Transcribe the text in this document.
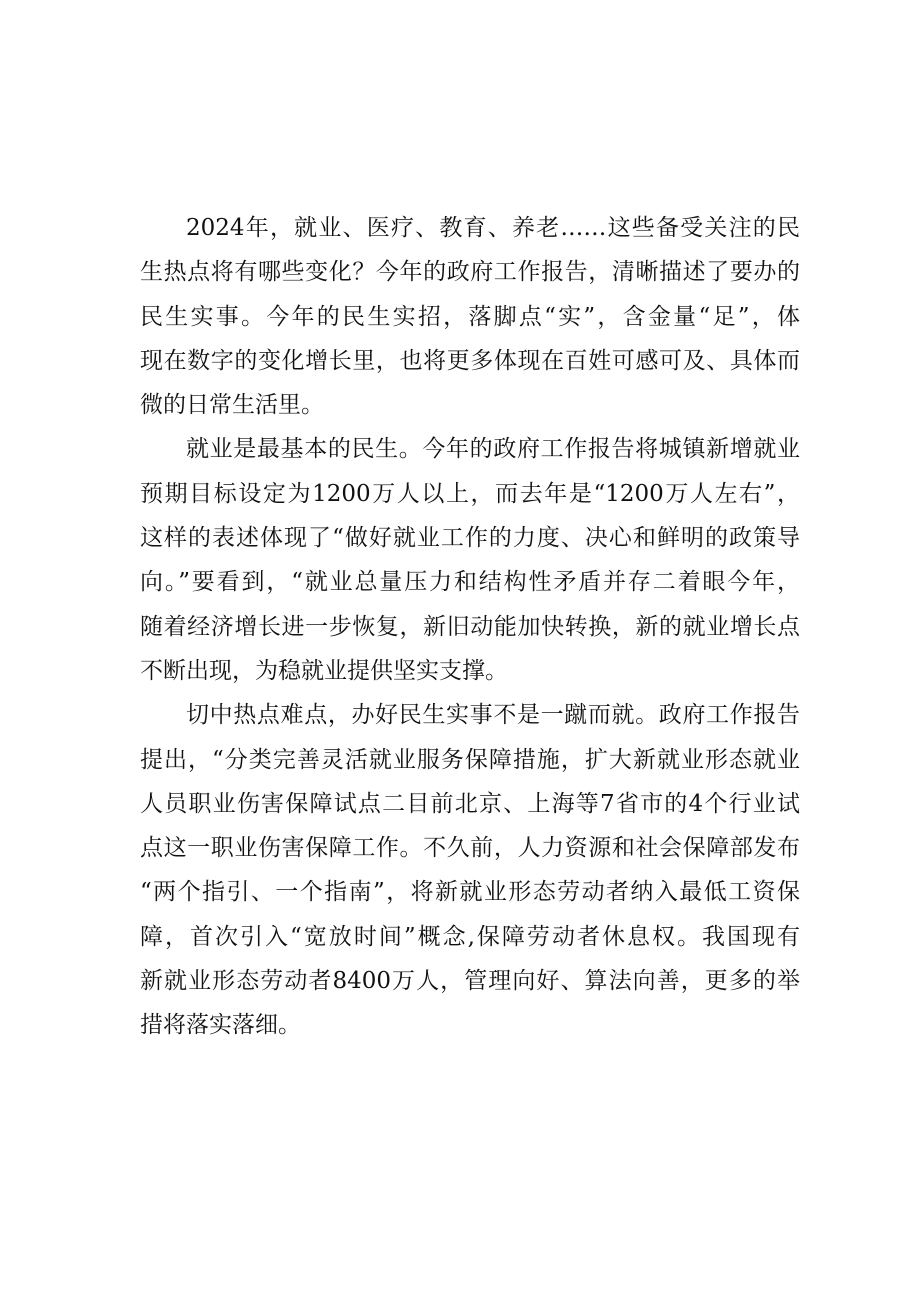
2024年，就业、医疗、教育、养老……这些备受关注的民
生热点将有哪些变化？今年的政府工作报告，清晰描述了要办的
民生实事。今年的民生实招，落脚点“实”，含金量“足”，体
现在数字的变化增长里，也将更多体现在百姓可感可及、具体而
微的日常生活里。
就业是最基本的民生。今年的政府工作报告将城镇新增就业
预期目标设定为1200万人以上，而去年是“1200万人左右”，
这样的表述体现了“做好就业工作的力度、决心和鲜明的政策导
向。”要看到，“就业总量压力和结构性矛盾并存二着眼今年，
随着经济增长进一步恢复，新旧动能加快转换，新的就业增长点
不断出现，为稳就业提供坚实支撑。
切中热点难点，办好民生实事不是一蹴而就。政府工作报告
提出，“分类完善灵活就业服务保障措施，扩大新就业形态就业
人员职业伤害保障试点二目前北京、上海等7省市的4个行业试
点这一职业伤害保障工作。不久前，人力资源和社会保障部发布
“两个指引、一个指南”，将新就业形态劳动者纳入最低工资保
障，首次引入“宽放时间”概念,保障劳动者休息权。我国现有
新就业形态劳动者8400万人，管理向好、算法向善，更多的举
措将落实落细。
